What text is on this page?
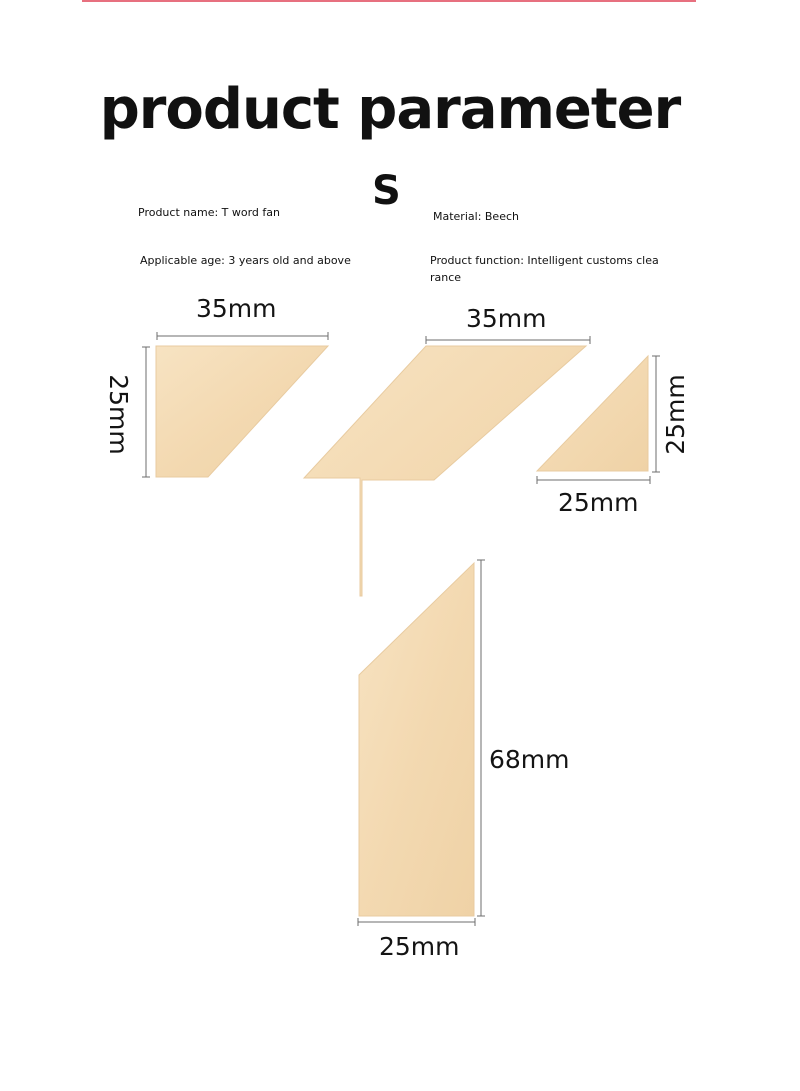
product parameter
S

Product name: T word fan	Material: Beech

Applicable age: 3 years old and above	Product function: Intelligent customs clea
rance
35mm
25mm
35mm
25mm
25mm
68mm
25mm
